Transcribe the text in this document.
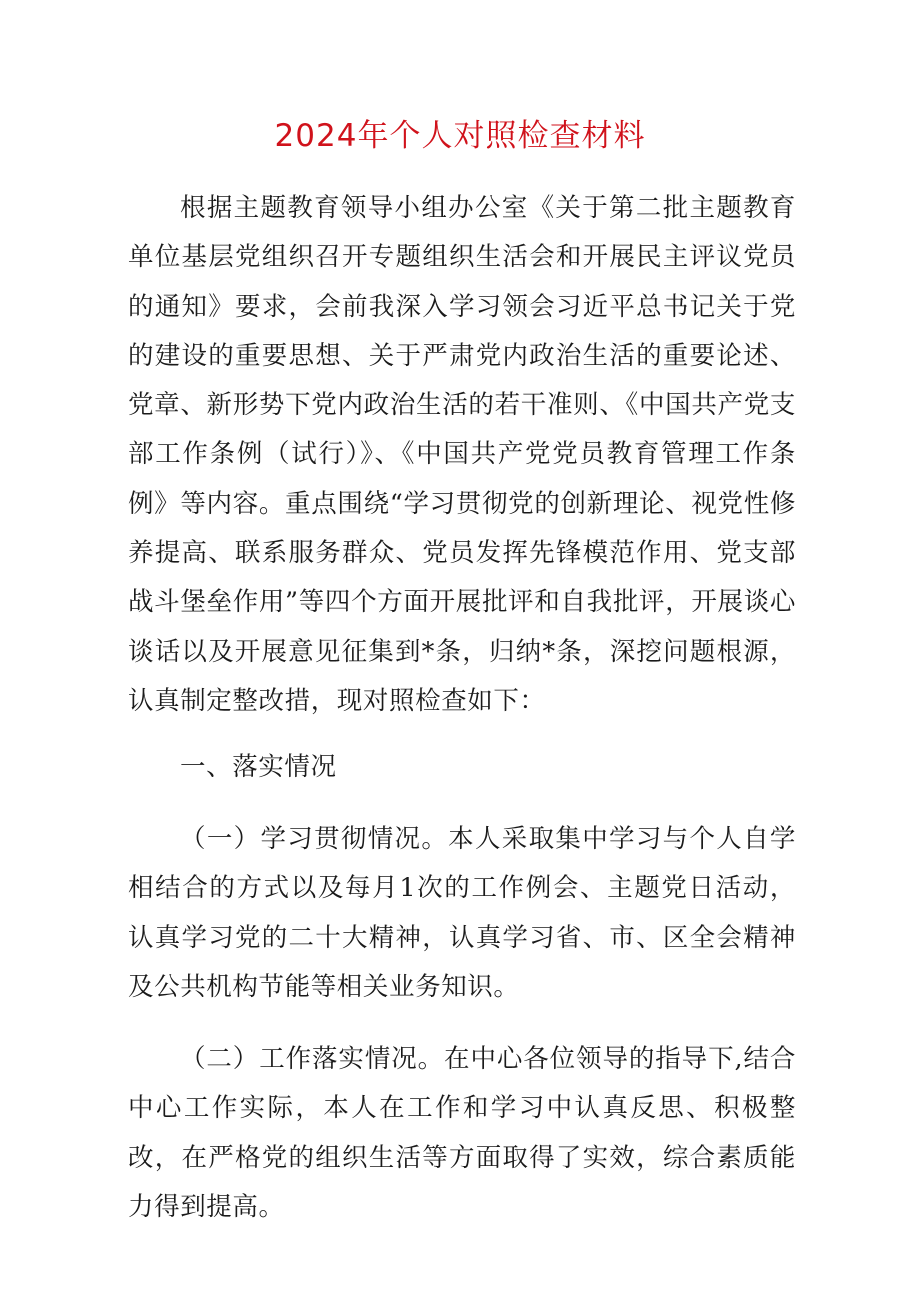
2024年个人对照检查材料

根据主题教育领导小组办公室《关于第二批主题教育单位基层党组织召开专题组织生活会和开展民主评议党员的通知》要求，会前我深入学习领会习近平总书记关于党的建设的重要思想、关于严肃党内政治生活的重要论述、党章、新形势下党内政治生活的若干准则、《中国共产党支部工作条例（试行）》、《中国共产党党员教育管理工作条例》等内容。重点围绕“学习贯彻党的创新理论、视党性修养提高、联系服务群众、党员发挥先锋模范作用、党支部战斗堡垒作用”等四个方面开展批评和自我批评，开展谈心谈话以及开展意见征集到*条，归纳*条，深挖问题根源，认真制定整改措，现对照检查如下：

一、落实情况

（一）学习贯彻情况。本人采取集中学习与个人自学相结合的方式以及每月1次的工作例会、主题党日活动，认真学习党的二十大精神，认真学习省、市、区全会精神及公共机构节能等相关业务知识。

（二）工作落实情况。在中心各位领导的指导下,结合中心工作实际，本人在工作和学习中认真反思、积极整改，在严格党的组织生活等方面取得了实效，综合素质能力得到提高。
